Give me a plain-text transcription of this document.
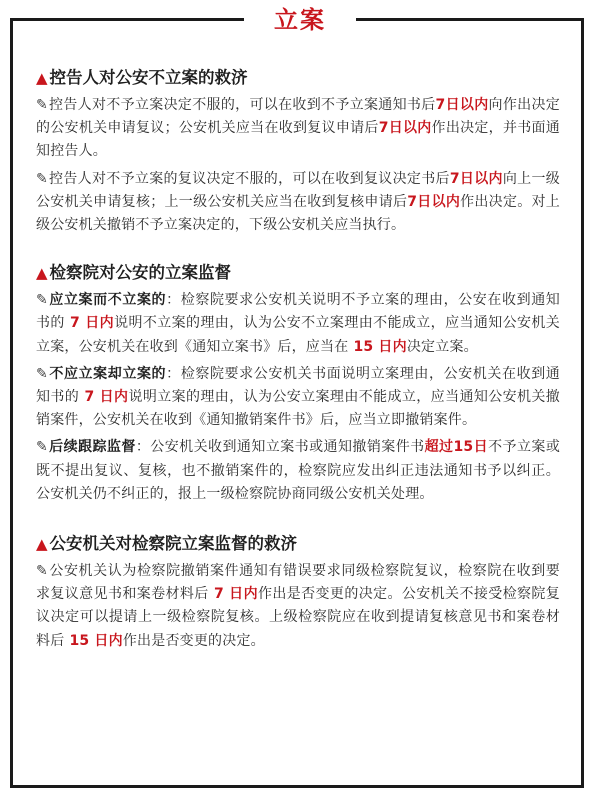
立案
▲ 控告人对公安不立案的救济

✎控告人对不予立案决定不服的，可以在收到不予立案通知书后7日以内向作出决定的公安机关申请复议；公安机关应当在收到复议申请后7日以内作出决定，并书面通知控告人。

✎控告人对不予立案的复议决定不服的，可以在收到复议决定书后7日以内向上一级公安机关申请复核；上一级公安机关应当在收到复核申请后7日以内作出决定。对上级公安机关撤销不予立案决定的，下级公安机关应当执行。

▲ 检察院对公安的立案监督

✎应立案而不立案的：检察院要求公安机关说明不予立案的理由，公安在收到通知书的 7 日内说明不立案的理由，认为公安不立案理由不能成立，应当通知公安机关立案，公安机关在收到《通知立案书》后，应当在 15 日内决定立案。

✎不应立案却立案的：检察院要求公安机关书面说明立案理由，公安机关在收到通知书的 7 日内说明立案的理由，认为公安立案理由不能成立，应当通知公安机关撤销案件，公安机关在收到《通知撤销案件书》后，应当立即撤销案件。

✎后续跟踪监督：公安机关收到通知立案书或通知撤销案件书超过15日不予立案或既不提出复议、复核，也不撤销案件的，检察院应发出纠正违法通知书予以纠正。公安机关仍不纠正的，报上一级检察院协商同级公安机关处理。

▲ 公安机关对检察院立案监督的救济

✎公安机关认为检察院撤销案件通知有错误要求同级检察院复议，检察院在收到要求复议意见书和案卷材料后 7 日内作出是否变更的决定。公安机关不接受检察院复议决定可以提请上一级检察院复核。上级检察院应在收到提请复核意见书和案卷材料后 15 日内作出是否变更的决定。
